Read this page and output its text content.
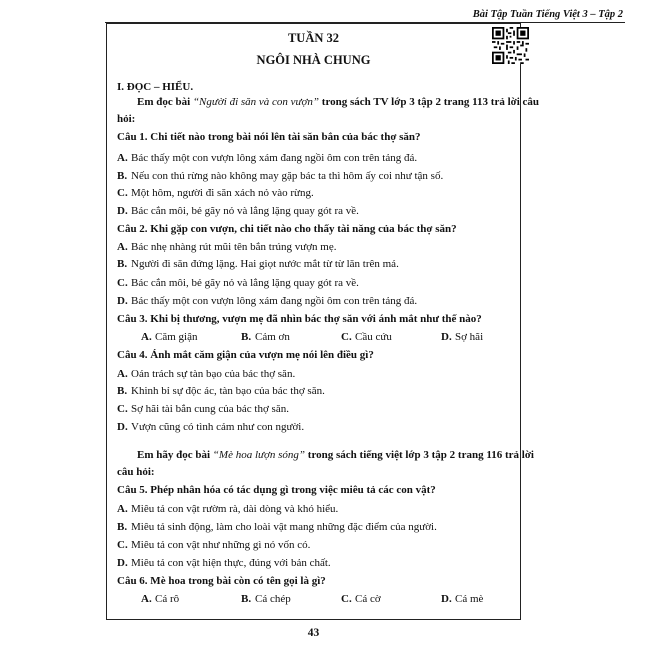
Bài Tập Tuần Tiếng Việt 3 – Tập 2
TUẦN 32
NGÔI NHÀ CHUNG
I. ĐỌC – HIỂU.
Em đọc bài “Người đi săn và con vượn” trong sách TV lớp 3 tập 2 trang 113 trả lời câu
hỏi:
Câu 1. Chi tiết nào trong bài nói lên tài săn bắn của bác thợ săn?
A. Bác thấy một con vượn lông xám đang ngồi ôm con trên tảng đá.
B. Nếu con thú rừng nào không may gặp bác ta thì hôm ấy coi như tận số.
C. Một hôm, người đi săn xách nỏ vào rừng.
D. Bác cắn môi, bẻ gãy nỏ và lẳng lặng quay gót ra về.
Câu 2. Khi gặp con vượn, chi tiết nào cho thấy tài năng của bác thợ săn?
A. Bác nhẹ nhàng rút mũi tên bắn trúng vượn mẹ.
B. Người đi săn đứng lặng. Hai giọt nước mắt từ từ lăn trên má.
C. Bác cắn môi, bẻ gãy nỏ và lẳng lặng quay gót ra về.
D. Bác thấy một con vượn lông xám đang ngồi ôm con trên tảng đá.
Câu 3. Khi bị thương, vượn mẹ đã nhìn bác thợ săn với ánh mắt như thế nào?
A. Căm giận	B. Cảm ơn	C. Cầu cứu	D. Sợ hãi
Câu 4. Ánh mắt căm giận của vượn mẹ nói lên điều gì?
A. Oán trách sự tàn bạo của bác thợ săn.
B. Khinh bỉ sự độc ác, tàn bạo của bác thợ săn.
C. Sợ hãi tài bắn cung của bác thợ săn.
D. Vượn cũng có tình cảm như con người.
Em hãy đọc bài “Mè hoa lượn sóng” trong sách tiếng việt lớp 3 tập 2 trang 116 trả lời
câu hỏi:
Câu 5. Phép nhân hóa có tác dụng gì trong việc miêu tả các con vật?
A. Miêu tả con vật rườm rà, dài dòng và khó hiểu.
B. Miêu tả sinh động, làm cho loài vật mang những đặc điểm của người.
C. Miêu tả con vật như những gì nó vốn có.
D. Miêu tả con vật hiện thực, đúng với bản chất.
Câu 6. Mè hoa trong bài còn có tên gọi là gì?
A. Cá rô	B. Cá chép	C. Cá cờ	D. Cá mè
43
